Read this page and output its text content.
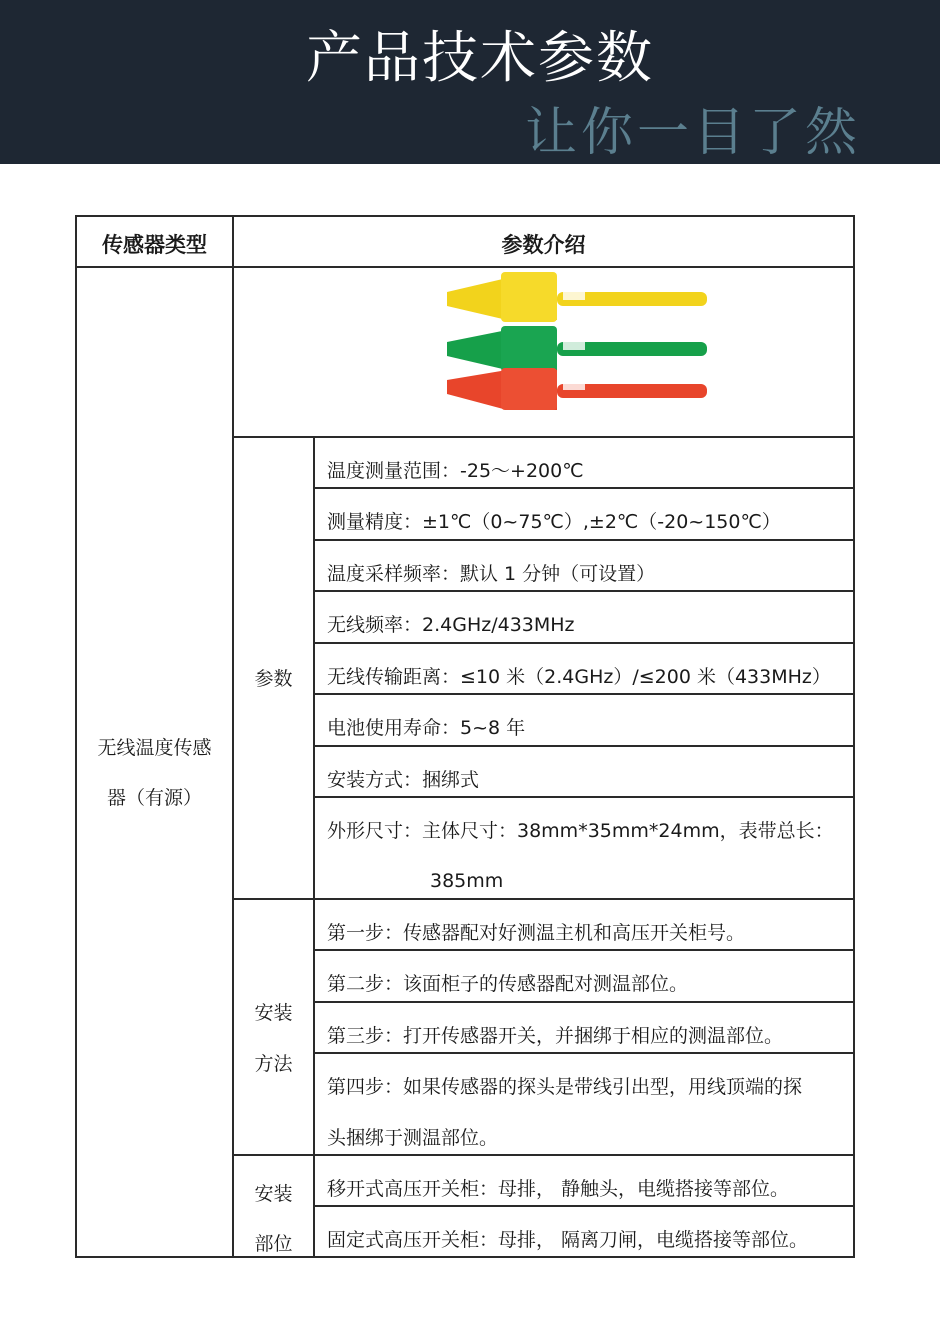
产品技术参数
让你一目了然
传感器类型	参数介绍
无线温度传感
器（有源）
参数
安装
方法
安装
部位
温度测量范围：-25～+200℃
测量精度：±1℃（0~75℃）,±2℃（-20~150℃）
温度采样频率：默认 1 分钟（可设置）
无线频率：2.4GHz/433MHz
无线传输距离：≤10 米（2.4GHz）/≤200 米（433MHz）
电池使用寿命：5~8 年
安装方式：捆绑式
外形尺寸：主体尺寸：38mm*35mm*24mm，表带总长：
385mm
第一步：传感器配对好测温主机和高压开关柜号。
第二步：该面柜子的传感器配对测温部位。
第三步：打开传感器开关，并捆绑于相应的测温部位。
第四步：如果传感器的探头是带线引出型，用线顶端的探
头捆绑于测温部位。
移开式高压开关柜：母排， 静触头，电缆搭接等部位。
固定式高压开关柜：母排， 隔离刀闸，电缆搭接等部位。
